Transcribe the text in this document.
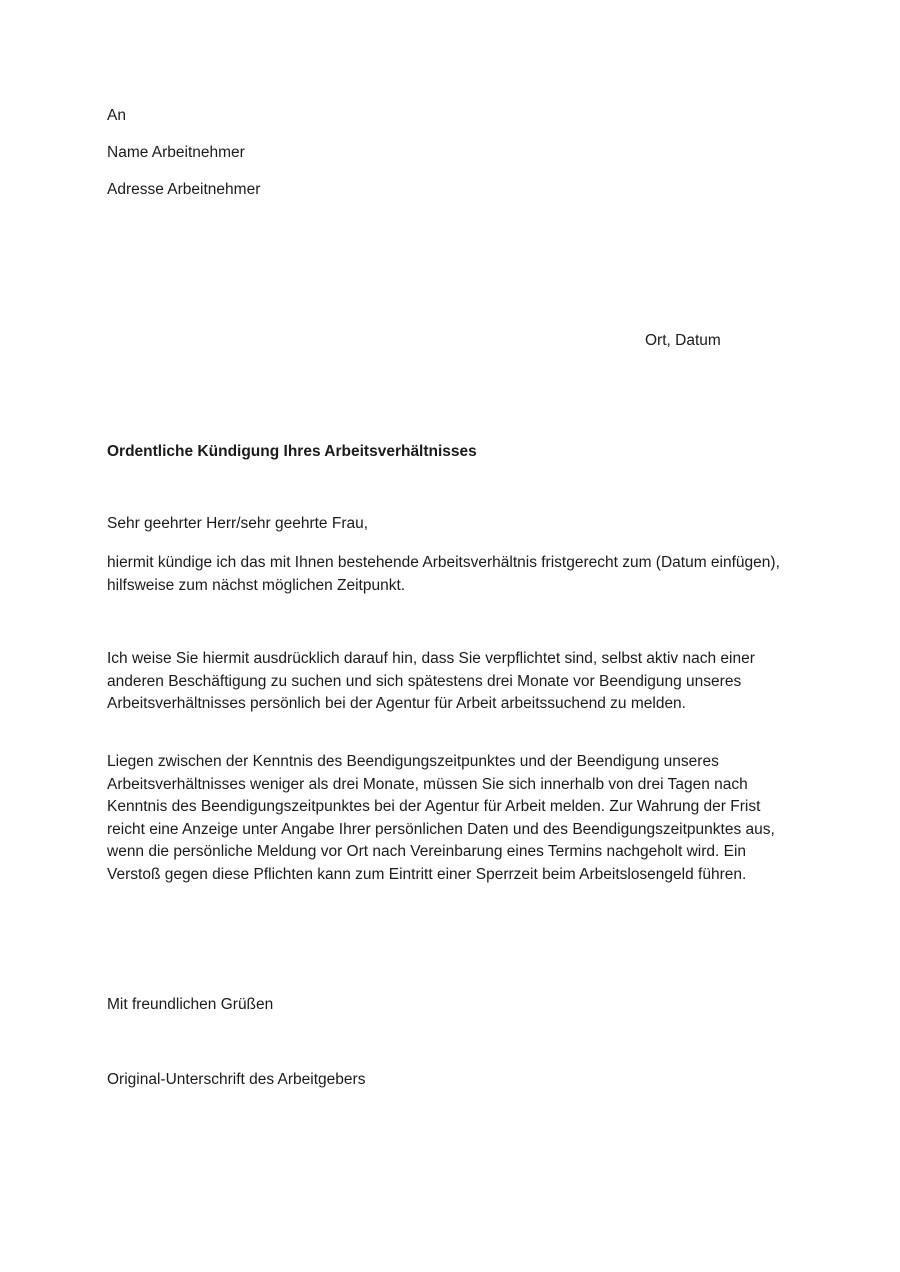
An

Name Arbeitnehmer

Adresse Arbeitnehmer

Ort, Datum
Ordentliche Kündigung Ihres Arbeitsverhältnisses
Sehr geehrter Herr/sehr geehrte Frau,
hiermit kündige ich das mit Ihnen bestehende Arbeitsverhältnis fristgerecht zum (Datum einfügen), hilfsweise zum nächst möglichen Zeitpunkt.
Ich weise Sie hiermit ausdrücklich darauf hin, dass Sie verpflichtet sind, selbst aktiv nach einer anderen Beschäftigung zu suchen und sich spätestens drei Monate vor Beendigung unseres Arbeitsverhältnisses persönlich bei der Agentur für Arbeit arbeitssuchend zu melden.
Liegen zwischen der Kenntnis des Beendigungszeitpunktes und der Beendigung unseres Arbeitsverhältnisses weniger als drei Monate, müssen Sie sich innerhalb von drei Tagen nach Kenntnis des Beendigungszeitpunktes bei der Agentur für Arbeit melden. Zur Wahrung der Frist reicht eine Anzeige unter Angabe Ihrer persönlichen Daten und des Beendigungszeitpunktes aus, wenn die persönliche Meldung vor Ort nach Vereinbarung eines Termins nachgeholt wird. Ein Verstoß gegen diese Pflichten kann zum Eintritt einer Sperrzeit beim Arbeitslosengeld führen.
Mit freundlichen Grüßen
Original-Unterschrift des Arbeitgebers
